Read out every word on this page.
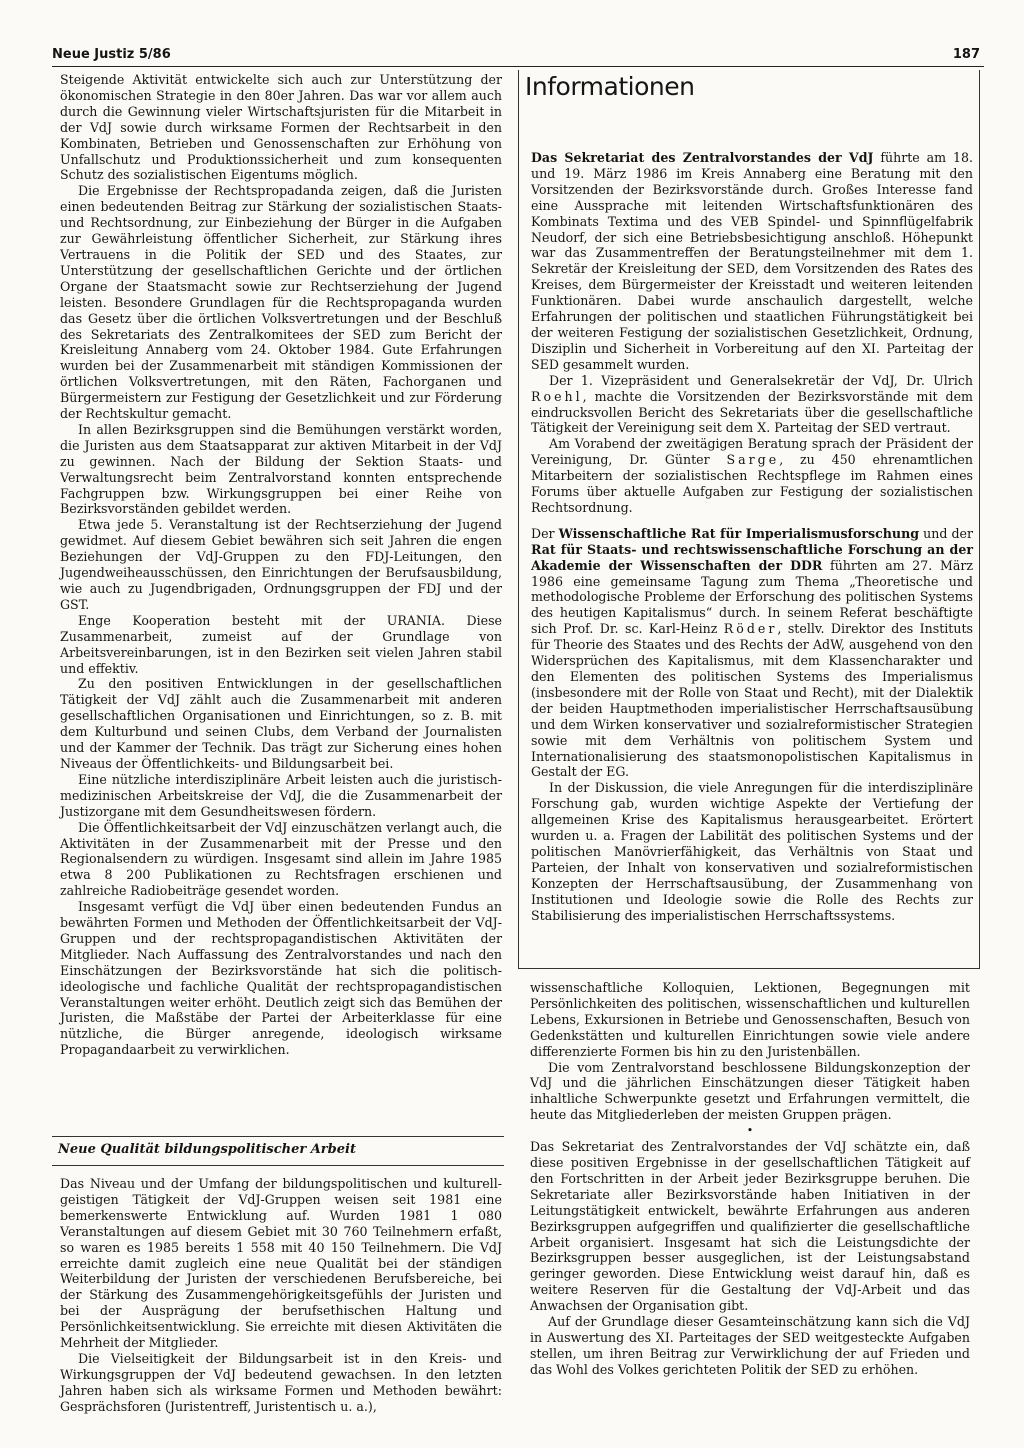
Neue Justiz 5/86	187

Steigende Aktivität entwickelte sich auch zur Unterstützung der ökonomischen Strategie in den 80er Jahren. Das war vor allem auch durch die Gewinnung vieler Wirtschaftsjuristen für die Mitarbeit in der VdJ sowie durch wirksame Formen der Rechtsarbeit in den Kombinaten, Betrieben und Genossenschaften zur Erhöhung von Unfallschutz und Produktionssicherheit und zum konsequenten Schutz des sozialistischen Eigentums möglich.

Die Ergebnisse der Rechtspropadanda zeigen, daß die Juristen einen bedeutenden Beitrag zur Stärkung der sozialistischen Staats- und Rechtsordnung, zur Einbeziehung der Bürger in die Aufgaben zur Gewährleistung öffentlicher Sicherheit, zur Stärkung ihres Vertrauens in die Politik der SED und des Staates, zur Unterstützung der gesellschaftlichen Gerichte und der örtlichen Organe der Staatsmacht sowie zur Rechtserziehung der Jugend leisten. Besondere Grundlagen für die Rechtspropaganda wurden das Gesetz über die örtlichen Volksvertretungen und der Beschluß des Sekretariats des Zentralkomitees der SED zum Bericht der Kreisleitung Annaberg vom 24. Oktober 1984. Gute Erfahrungen wurden bei der Zusammenarbeit mit ständigen Kommissionen der örtlichen Volksvertretungen, mit den Räten, Fachorganen und Bürgermeistern zur Festigung der Gesetzlichkeit und zur Förderung der Rechtskultur gemacht.

In allen Bezirksgruppen sind die Bemühungen verstärkt worden, die Juristen aus dem Staatsapparat zur aktiven Mitarbeit in der VdJ zu gewinnen. Nach der Bildung der Sektion Staats- und Verwaltungsrecht beim Zentralvorstand konnten entsprechende Fachgruppen bzw. Wirkungsgruppen bei einer Reihe von Bezirksvorständen gebildet werden.

Etwa jede 5. Veranstaltung ist der Rechtserziehung der Jugend gewidmet. Auf diesem Gebiet bewähren sich seit Jahren die engen Beziehungen der VdJ-Gruppen zu den FDJ-Leitungen, den Jugendweiheausschüssen, den Einrichtungen der Berufsausbildung, wie auch zu Jugendbrigaden, Ordnungsgruppen der FDJ und der GST.

Enge Kooperation besteht mit der URANIA. Diese Zusammenarbeit, zumeist auf der Grundlage von Arbeitsvereinbarungen, ist in den Bezirken seit vielen Jahren stabil und effektiv.

Zu den positiven Entwicklungen in der gesellschaftlichen Tätigkeit der VdJ zählt auch die Zusammenarbeit mit anderen gesellschaftlichen Organisationen und Einrichtungen, so z. B. mit dem Kulturbund und seinen Clubs, dem Verband der Journalisten und der Kammer der Technik. Das trägt zur Sicherung eines hohen Niveaus der Öffentlichkeits- und Bildungsarbeit bei.

Eine nützliche interdisziplinäre Arbeit leisten auch die juristisch-medizinischen Arbeitskreise der VdJ, die die Zusammenarbeit der Justizorgane mit dem Gesundheitswesen fördern.

Die Öffentlichkeitsarbeit der VdJ einzuschätzen verlangt auch, die Aktivitäten in der Zusammenarbeit mit der Presse und den Regionalsendern zu würdigen. Insgesamt sind allein im Jahre 1985 etwa 8 200 Publikationen zu Rechtsfragen erschienen und zahlreiche Radiobeiträge gesendet worden.

Insgesamt verfügt die VdJ über einen bedeutenden Fundus an bewährten Formen und Methoden der Öffentlichkeitsarbeit der VdJ-Gruppen und der rechtspropagandistischen Aktivitäten der Mitglieder. Nach Auffassung des Zentralvorstandes und nach den Einschätzungen der Bezirksvorstände hat sich die politisch-ideologische und fachliche Qualität der rechtspropagandistischen Veranstaltungen weiter erhöht. Deutlich zeigt sich das Bemühen der Juristen, die Maßstäbe der Partei der Arbeiterklasse für eine nützliche, die Bürger anregende, ideologisch wirksame Propagandaarbeit zu verwirklichen.

Neue Qualität bildungspolitischer Arbeit

Das Niveau und der Umfang der bildungspolitischen und kulturell-geistigen Tätigkeit der VdJ-Gruppen weisen seit 1981 eine bemerkenswerte Entwicklung auf. Wurden 1981 1 080 Veranstaltungen auf diesem Gebiet mit 30 760 Teilnehmern erfaßt, so waren es 1985 bereits 1 558 mit 40 150 Teilnehmern. Die VdJ erreichte damit zugleich eine neue Qualität bei der ständigen Weiterbildung der Juristen der verschiedenen Berufsbereiche, bei der Stärkung des Zusammengehörigkeitsgefühls der Juristen und bei der Ausprägung der berufsethischen Haltung und Persönlichkeitsentwicklung. Sie erreichte mit diesen Aktivitäten die Mehrheit der Mitglieder.

Die Vielseitigkeit der Bildungsarbeit ist in den Kreis- und Wirkungsgruppen der VdJ bedeutend gewachsen. In den letzten Jahren haben sich als wirksame Formen und Methoden bewährt: Gesprächsforen (Juristentreff, Juristentisch u. a.),

Informationen

Das Sekretariat des Zentralvorstandes der VdJ führte am 18. und 19. März 1986 im Kreis Annaberg eine Beratung mit den Vorsitzenden der Bezirksvorstände durch. Großes Interesse fand eine Aussprache mit leitenden Wirtschaftsfunktionären des Kombinats Textima und des VEB Spindel- und Spinnflügelfabrik Neudorf, der sich eine Betriebsbesichtigung anschloß. Höhepunkt war das Zusammentreffen der Beratungsteilnehmer mit dem 1. Sekretär der Kreisleitung der SED, dem Vorsitzenden des Rates des Kreises, dem Bürgermeister der Kreisstadt und weiteren leitenden Funktionären. Dabei wurde anschaulich dargestellt, welche Erfahrungen der politischen und staatlichen Führungstätigkeit bei der weiteren Festigung der sozialistischen Gesetzlichkeit, Ordnung, Disziplin und Sicherheit in Vorbereitung auf den XI. Parteitag der SED gesammelt wurden.

Der 1. Vizepräsident und Generalsekretär der VdJ, Dr. Ulrich Roehl, machte die Vorsitzenden der Bezirksvorstände mit dem eindrucksvollen Bericht des Sekretariats über die gesellschaftliche Tätigkeit der Vereinigung seit dem X. Parteitag der SED vertraut.

Am Vorabend der zweitägigen Beratung sprach der Präsident der Vereinigung, Dr. Günter Sarge, zu 450 ehrenamtlichen Mitarbeitern der sozialistischen Rechtspflege im Rahmen eines Forums über aktuelle Aufgaben zur Festigung der sozialistischen Rechtsordnung.

Der Wissenschaftliche Rat für Imperialismusforschung und der Rat für Staats- und rechtswissenschaftliche Forschung an der Akademie der Wissenschaften der DDR führten am 27. März 1986 eine gemeinsame Tagung zum Thema „Theoretische und methodologische Probleme der Erforschung des politischen Systems des heutigen Kapitalismus“ durch. In seinem Referat beschäftigte sich Prof. Dr. sc. Karl-Heinz Röder, stellv. Direktor des Instituts für Theorie des Staates und des Rechts der AdW, ausgehend von den Widersprüchen des Kapitalismus, mit dem Klassencharakter und den Elementen des politischen Systems des Imperialismus (insbesondere mit der Rolle von Staat und Recht), mit der Dialektik der beiden Hauptmethoden imperialistischer Herrschaftsausübung und dem Wirken konservativer und sozialreformistischer Strategien sowie mit dem Verhältnis von politischem System und Internationalisierung des staatsmonopolistischen Kapitalismus in Gestalt der EG.

In der Diskussion, die viele Anregungen für die interdisziplinäre Forschung gab, wurden wichtige Aspekte der Vertiefung der allgemeinen Krise des Kapitalismus herausgearbeitet. Erörtert wurden u. a. Fragen der Labilität des politischen Systems und der politischen Manövrierfähigkeit, das Verhältnis von Staat und Parteien, der Inhalt von konservativen und sozialreformistischen Konzepten der Herrschaftsausübung, der Zusammenhang von Institutionen und Ideologie sowie die Rolle des Rechts zur Stabilisierung des imperialistischen Herrschaftssystems.

wissenschaftliche Kolloquien, Lektionen, Begegnungen mit Persönlichkeiten des politischen, wissenschaftlichen und kulturellen Lebens, Exkursionen in Betriebe und Genossenschaften, Besuch von Gedenkstätten und kulturellen Einrichtungen sowie viele andere differenzierte Formen bis hin zu den Juristenbällen.

Die vom Zentralvorstand beschlossene Bildungskonzeption der VdJ und die jährlichen Einschätzungen dieser Tätigkeit haben inhaltliche Schwerpunkte gesetzt und Erfahrungen vermittelt, die heute das Mitgliederleben der meisten Gruppen prägen.

•

Das Sekretariat des Zentralvorstandes der VdJ schätzte ein, daß diese positiven Ergebnisse in der gesellschaftlichen Tätigkeit auf den Fortschritten in der Arbeit jeder Bezirksgruppe beruhen. Die Sekretariate aller Bezirksvorstände haben Initiativen in der Leitungstätigkeit entwickelt, bewährte Erfahrungen aus anderen Bezirksgruppen aufgegriffen und qualifizierter die gesellschaftliche Arbeit organisiert. Insgesamt hat sich die Leistungsdichte der Bezirksgruppen besser ausgeglichen, ist der Leistungsabstand geringer geworden. Diese Entwicklung weist darauf hin, daß es weitere Reserven für die Gestaltung der VdJ-Arbeit und das Anwachsen der Organisation gibt.

Auf der Grundlage dieser Gesamteinschätzung kann sich die VdJ in Auswertung des XI. Parteitages der SED weitgesteckte Aufgaben stellen, um ihren Beitrag zur Verwirklichung der auf Frieden und das Wohl des Volkes gerichteten Politik der SED zu erhöhen.
